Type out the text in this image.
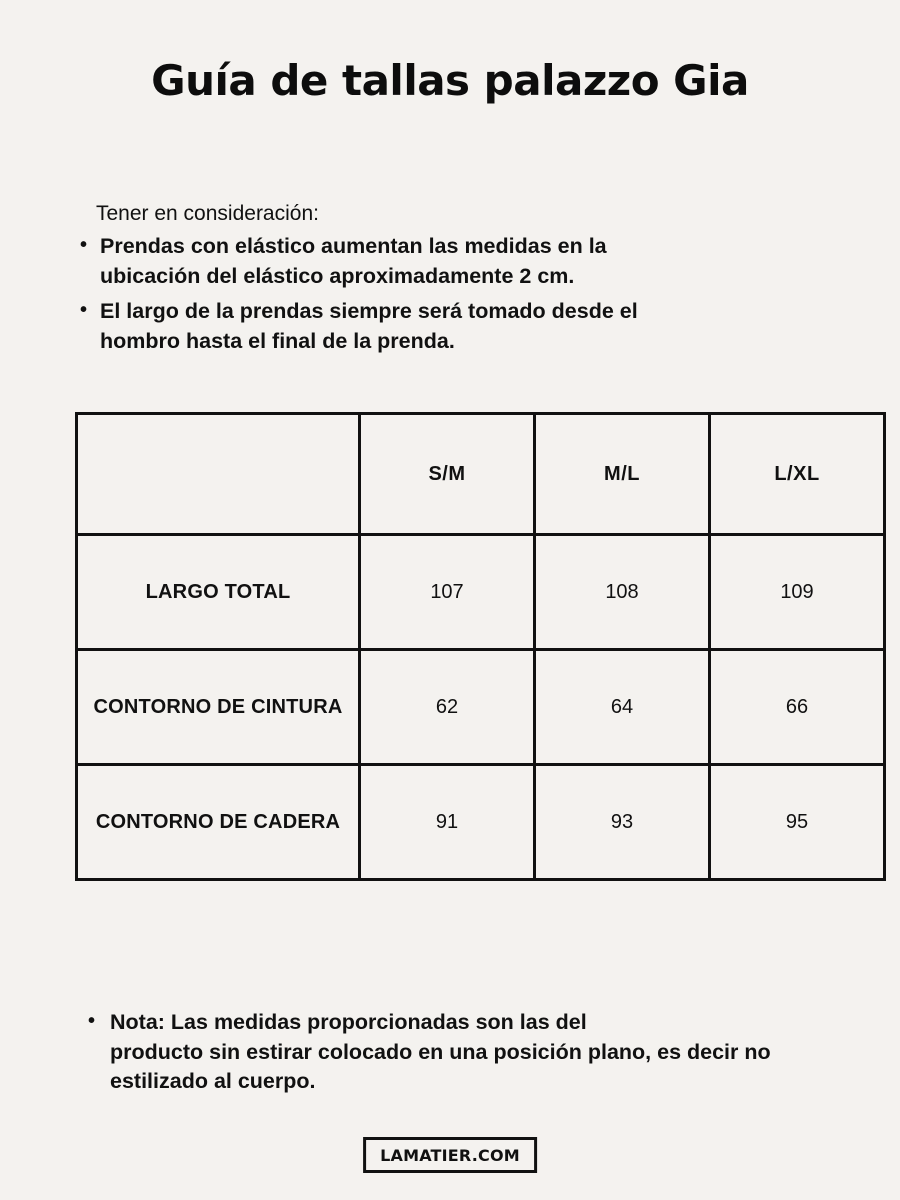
Guía de tallas palazzo Gia
Tener en consideración:
• Prendas con elástico aumentan las medidas en la
ubicación del elástico aproximadamente 2 cm.
• El largo de la prendas siempre será tomado desde el
hombro hasta el final de la prenda.
	S/M	M/L	L/XL
LARGO TOTAL	107	108	109
CONTORNO DE CINTURA	62	64	66
CONTORNO DE CADERA	91	93	95
• Nota: Las medidas proporcionadas son las del
producto sin estirar colocado en una posición plano, es decir no estilizado al cuerpo.
LAMATIER.COM
